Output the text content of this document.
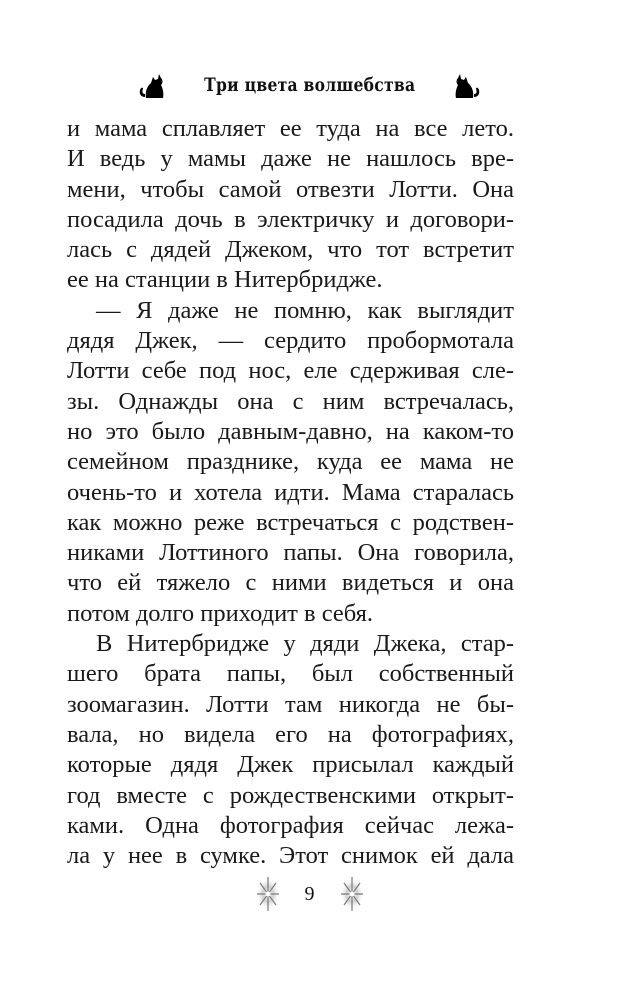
Три цвета волшебства
и мама сплавляет ее туда на все лето.
И ведь у мамы даже не нашлось вре-
мени, чтобы самой отвезти Лотти. Она
посадила дочь в электричку и договори-
лась с дядей Джеком, что тот встретит
ее на станции в Нитербридже.
— Я даже не помню, как выглядит
дядя Джек, — сердито пробормотала
Лотти себе под нос, еле сдерживая сле-
зы. Однажды она с ним встречалась,
но это было давным-давно, на каком-то
семейном празднике, куда ее мама не
очень-то и хотела идти. Мама старалась
как можно реже встречаться с родствен-
никами Лоттиного папы. Она говорила,
что ей тяжело с ними видеться и она
потом долго приходит в себя.
В Нитербридже у дяди Джека, стар-
шего брата папы, был собственный
зоомагазин. Лотти там никогда не бы-
вала, но видела его на фотографиях,
которые дядя Джек присылал каждый
год вместе с рождественскими открыт-
ками. Одна фотография сейчас лежа-
ла у нее в сумке. Этот снимок ей дала
9
